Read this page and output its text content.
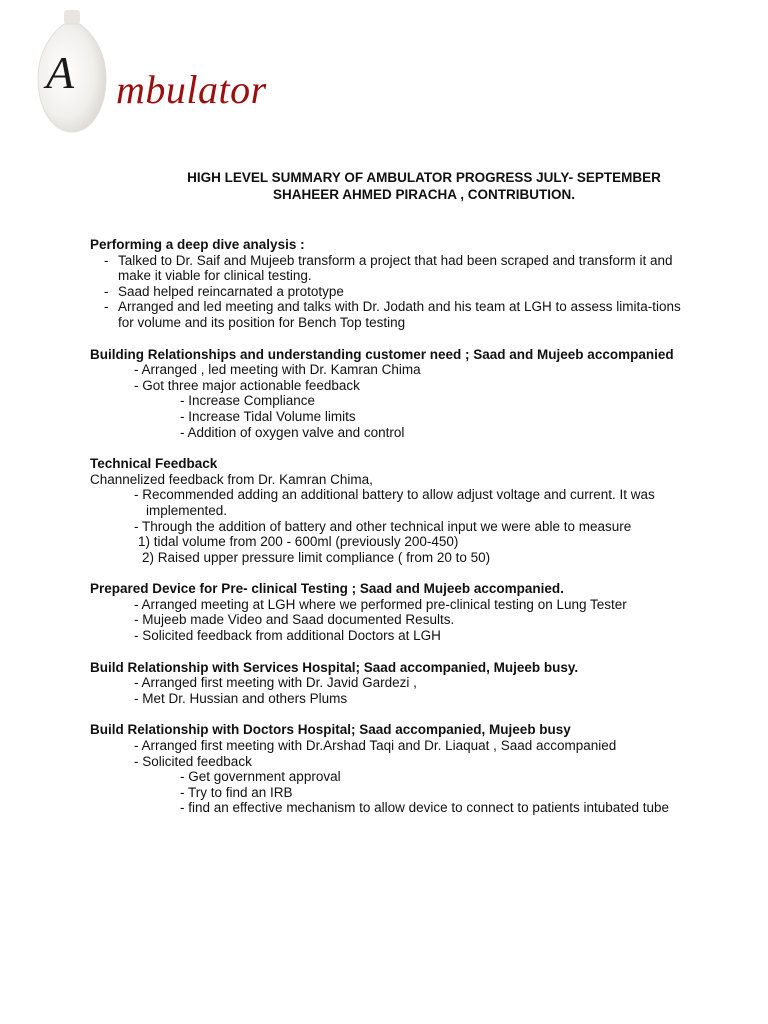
A mbulator
HIGH LEVEL SUMMARY OF AMBULATOR PROGRESS JULY- SEPTEMBER
SHAHEER AHMED PIRACHA , CONTRIBUTION.
Performing a deep dive analysis :
- Talked to Dr. Saif and Mujeeb transform a project that had been scraped and transform it and make it viable for clinical testing.
- Saad helped reincarnated a prototype
- Arranged and led meeting and talks with Dr. Jodath and his team at LGH to assess limita-tions for volume and its position for Bench Top testing
Building Relationships and understanding customer need ; Saad and Mujeeb accompanied
- Arranged , led meeting with Dr. Kamran Chima
- Got three major actionable feedback
- Increase Compliance
- Increase Tidal Volume limits
- Addition of oxygen valve and control
Technical Feedback
Channelized feedback from Dr. Kamran Chima,
- Recommended adding an additional battery to allow adjust voltage and current. It was implemented.
- Through the addition of battery and other technical input we were able to measure
1) tidal volume from 200 - 600ml (previously 200-450)
2) Raised upper pressure limit compliance ( from 20 to 50)
Prepared Device for Pre- clinical Testing ; Saad and Mujeeb accompanied.
- Arranged meeting at LGH where we performed pre-clinical testing on Lung Tester
- Mujeeb made Video and Saad documented Results.
- Solicited feedback from additional Doctors at LGH
Build Relationship with Services Hospital; Saad accompanied, Mujeeb busy.
- Arranged first meeting with Dr. Javid Gardezi ,
- Met Dr. Hussian and others Plums
Build Relationship with Doctors Hospital; Saad accompanied, Mujeeb busy
- Arranged first meeting with Dr.Arshad Taqi and Dr. Liaquat , Saad accompanied
- Solicited feedback
- Get government approval
- Try to find an IRB
- find an effective mechanism to allow device to connect to patients intubated tube
